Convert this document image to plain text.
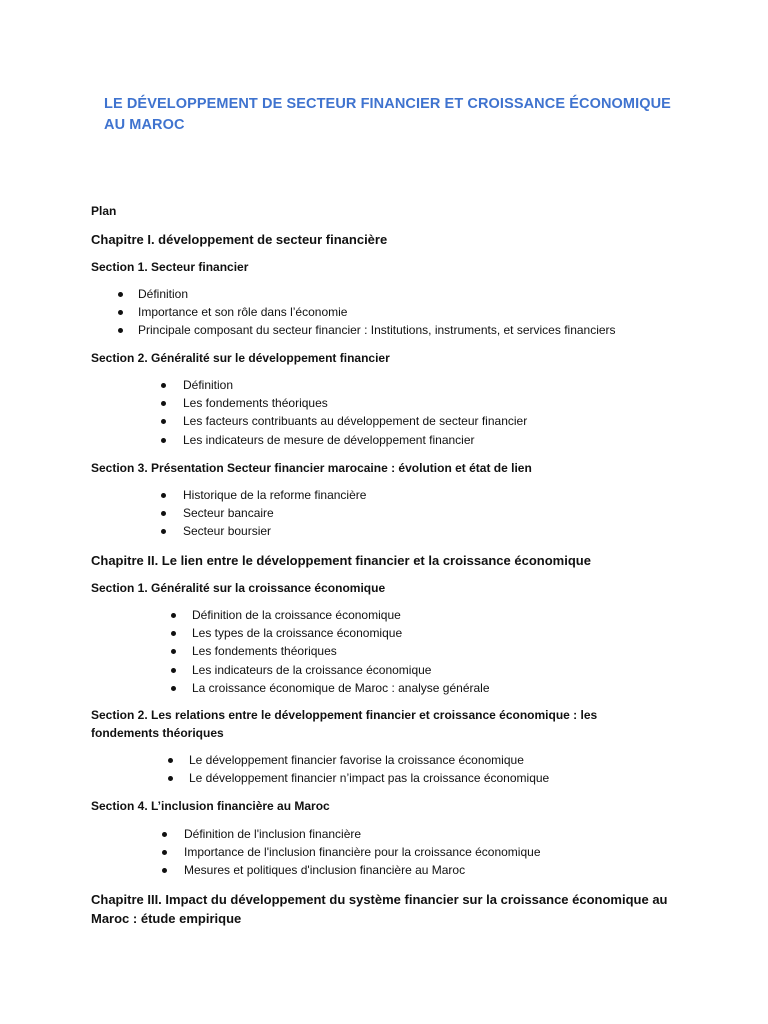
LE DÉVELOPPEMENT DE SECTEUR FINANCIER ET CROISSANCE ÉCONOMIQUE AU MAROC

Plan

Chapitre I. développement de secteur financière

Section 1. Secteur financier

Définition
Importance et son rôle dans l’économie
Principale composant du secteur financier : Institutions, instruments, et services financiers

Section 2. Généralité sur le développement financier

Définition
Les fondements théoriques
Les facteurs contribuants au développement de secteur financier
Les indicateurs de mesure de développement financier

Section 3. Présentation Secteur financier marocaine : évolution et état de lien

Historique de la reforme financière
Secteur bancaire
Secteur boursier

Chapitre II. Le lien entre le développement financier et la croissance économique

Section 1. Généralité sur la croissance économique

Définition de la croissance économique
Les types de la croissance économique
Les fondements théoriques
Les indicateurs de la croissance économique
La croissance économique de Maroc : analyse générale

Section 2. Les relations entre le développement financier et croissance économique : les fondements théoriques

Le développement financier favorise la croissance économique
Le développement financier n’impact pas la croissance économique

Section 4. L’inclusion financière au Maroc

Définition de l'inclusion financière
Importance de l'inclusion financière pour la croissance économique
Mesures et politiques d'inclusion financière au Maroc

Chapitre III. Impact du développement du système financier sur la croissance économique au Maroc : étude empirique
